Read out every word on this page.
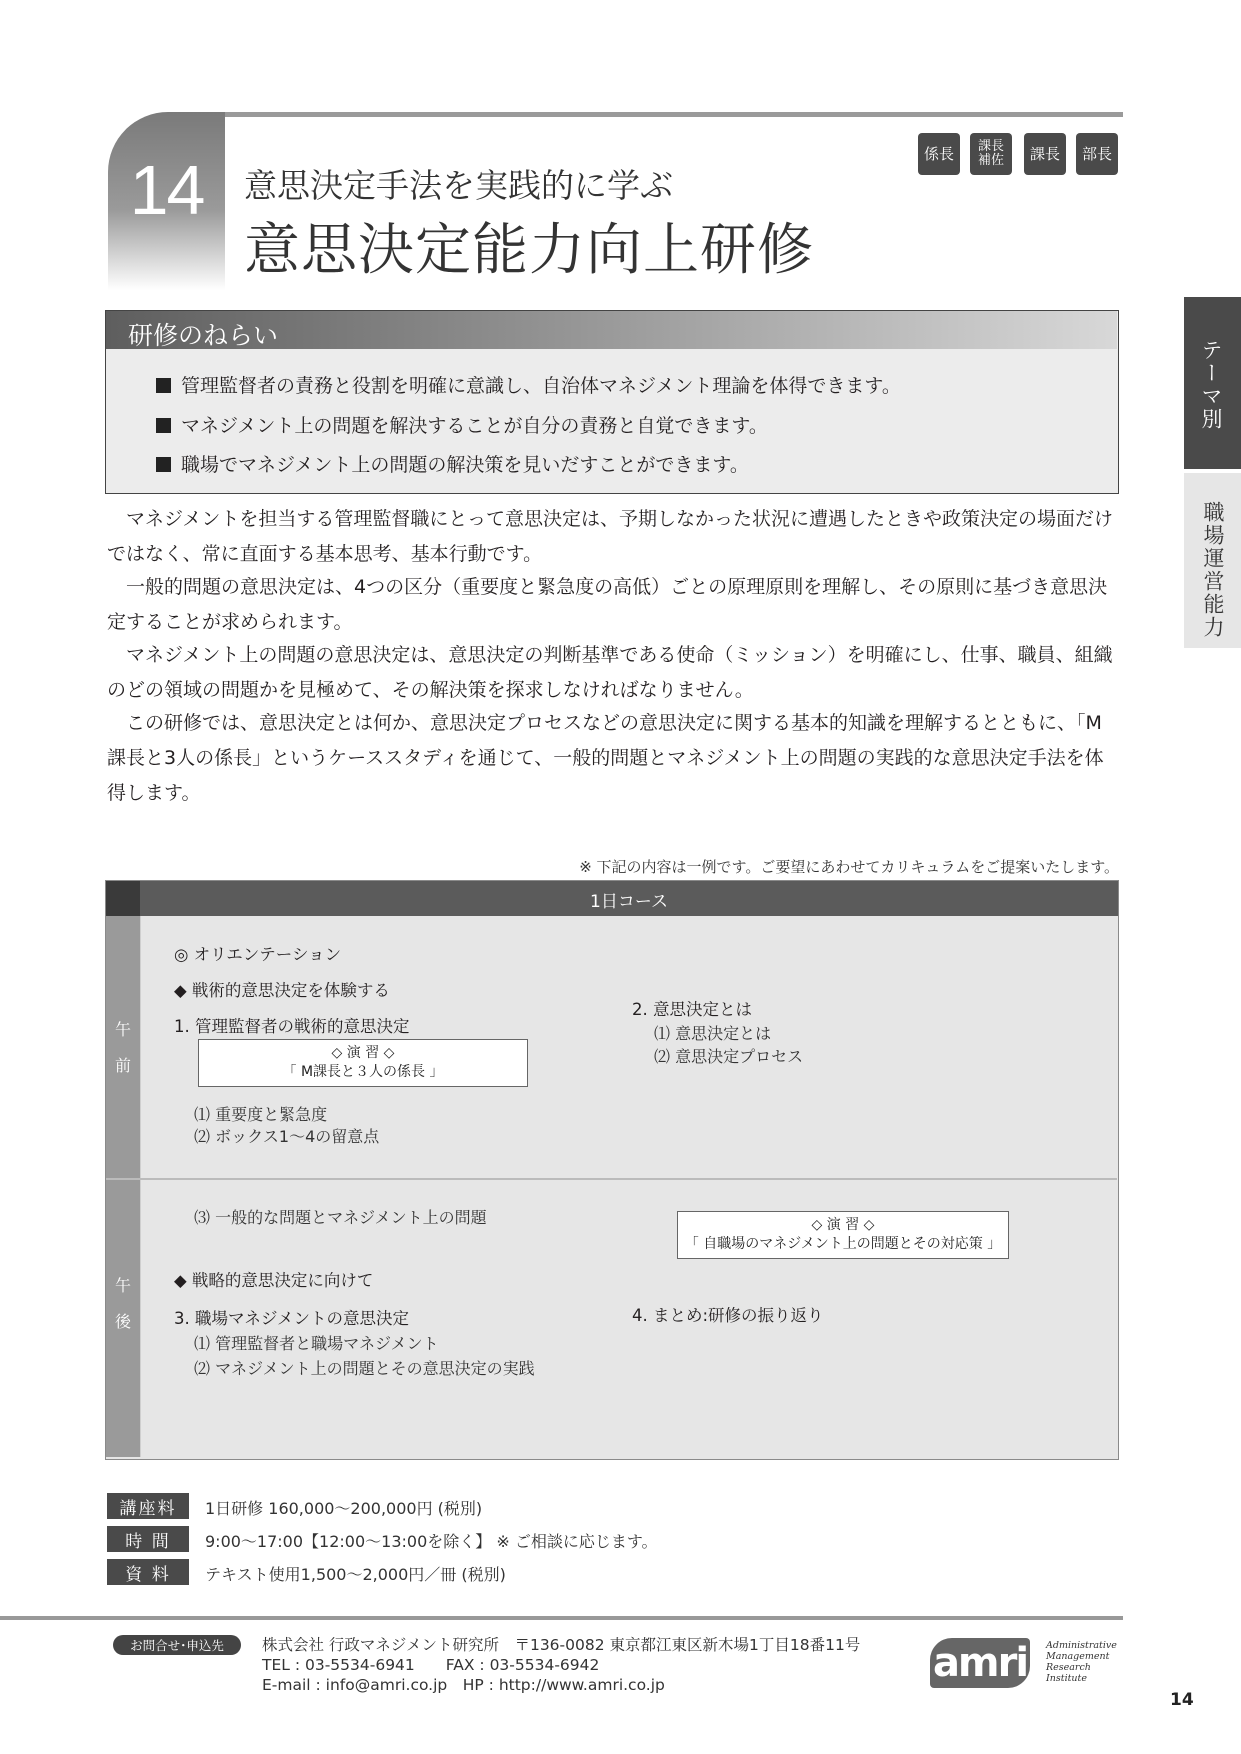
14	意思決定手法を実践的に学ぶ
意思決定能力向上研修
係長	課長補佐	課長	部長
テーマ別
職場運営能力
研修のねらい
管理監督者の責務と役割を明確に意識し、自治体マネジメント理論を体得できます。
マネジメント上の問題を解決することが自分の責務と自覚できます。
職場でマネジメント上の問題の解決策を見いだすことができます。
マネジメントを担当する管理監督職にとって意思決定は、予期しなかった状況に遭遇したときや政策決定の場面だけではなく、常に直面する基本思考、基本行動です。
一般的問題の意思決定は、4つの区分（重要度と緊急度の高低）ごとの原理原則を理解し、その原則に基づき意思決定することが求められます。
マネジメント上の問題の意思決定は、意思決定の判断基準である使命（ミッション）を明確にし、仕事、職員、組織のどの領域の問題かを見極めて、その解決策を探求しなければなりません。
この研修では、意思決定とは何か、意思決定プロセスなどの意思決定に関する基本的知識を理解するとともに、「M課長と3人の係長」というケーススタディを通じて、一般的問題とマネジメント上の問題の実践的な意思決定手法を体得します。
※ 下記の内容は一例です。ご要望にあわせてカリキュラムをご提案いたします。
1日コース
午
前
午
後
◎ オリエンテーション
◆ 戦術的意思決定を体験する
1. 管理監督者の戦術的意思決定
◇ 演 習 ◇
「 M課長と３人の係長 」
⑴ 重要度と緊急度
⑵ ボックス1～4の留意点
2. 意思決定とは
⑴ 意思決定とは
⑵ 意思決定プロセス
⑶ 一般的な問題とマネジメント上の問題
◆ 戦略的意思決定に向けて
3. 職場マネジメントの意思決定
⑴ 管理監督者と職場マネジメント
⑵ マネジメント上の問題とその意思決定の実践
◇ 演 習 ◇
「 自職場のマネジメント上の問題とその対応策 」
4. まとめ:研修の振り返り
講座料	1日研修 160,000～200,000円 (税別)
時 間	9:00～17:00【12:00～13:00を除く】 ※ ご相談に応じます。
資 料	テキスト使用1,500～2,000円／冊 (税別)
お問合せ･申込先	株式会社 行政マネジメント研究所　〒136-0082 東京都江東区新木場1丁目18番11号
TEL : 03-5534-6941　　FAX : 03-5534-6942
E-mail : info@amri.co.jp　HP : http://www.amri.co.jp	amri	Administrative
Management
Research
Institute
14
